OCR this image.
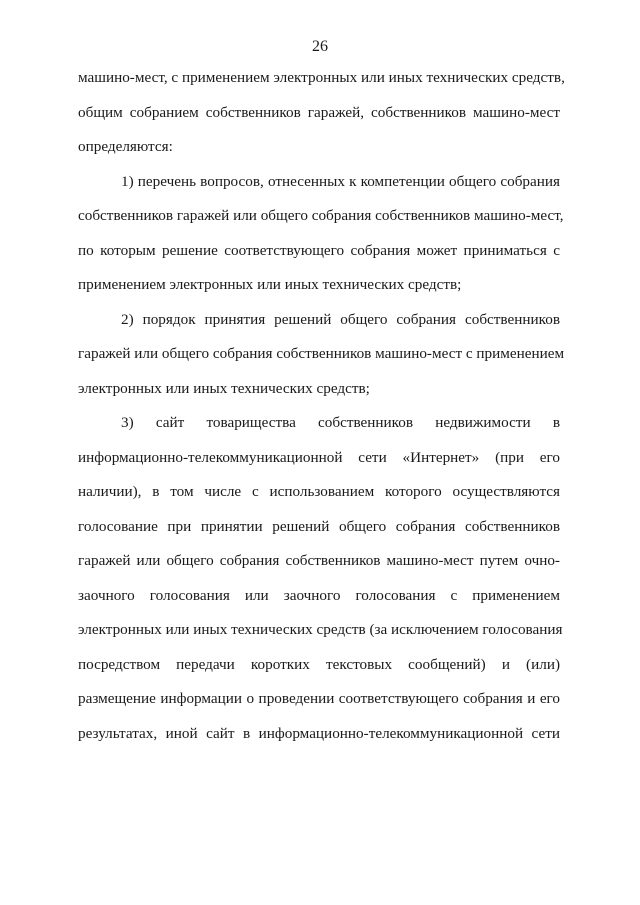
26
машино-мест, с применением электронных или иных технических средств,
общим собранием собственников гаражей, собственников машино-мест
определяются:
1) перечень вопросов, отнесенных к компетенции общего собрания
собственников гаражей или общего собрания собственников машино-мест,
по которым решение соответствующего собрания может приниматься с
применением электронных или иных технических средств;
2) порядок принятия решений общего собрания собственников
гаражей или общего собрания собственников машино-мест с применением
электронных или иных технических средств;
3) сайт товарищества собственников недвижимости в
информационно-телекоммуникационной сети «Интернет» (при его
наличии), в том числе с использованием которого осуществляются
голосование при принятии решений общего собрания собственников
гаражей или общего собрания собственников машино-мест путем очно-
заочного голосования или заочного голосования с применением
электронных или иных технических средств (за исключением голосования
посредством передачи коротких текстовых сообщений) и (или)
размещение информации о проведении соответствующего собрания и его
результатах, иной сайт в информационно-телекоммуникационной сети
